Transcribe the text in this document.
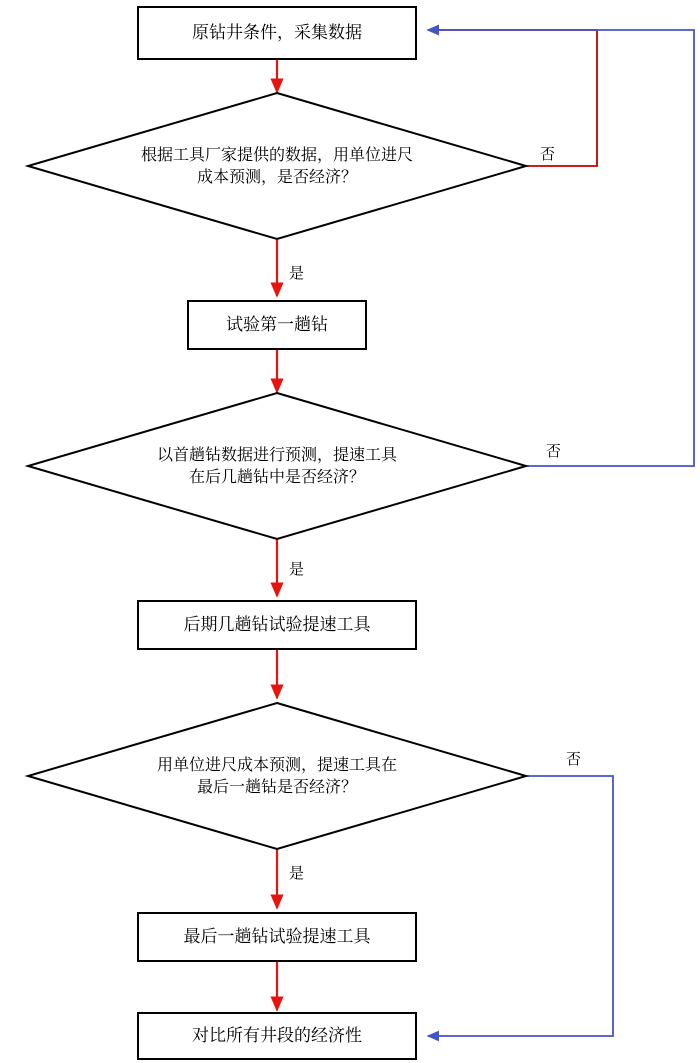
原钻井条件，采集数据
根据工具厂家提供的数据，用单位进尺
成本预测，是否经济？
否
是
试验第一趟钻
以首趟钻数据进行预测，提速工具
在后几趟钻中是否经济？
否
是
后期几趟钻试验提速工具
用单位进尺成本预测，提速工具在
最后一趟钻是否经济？
否
是
最后一趟钻试验提速工具
对比所有井段的经济性
